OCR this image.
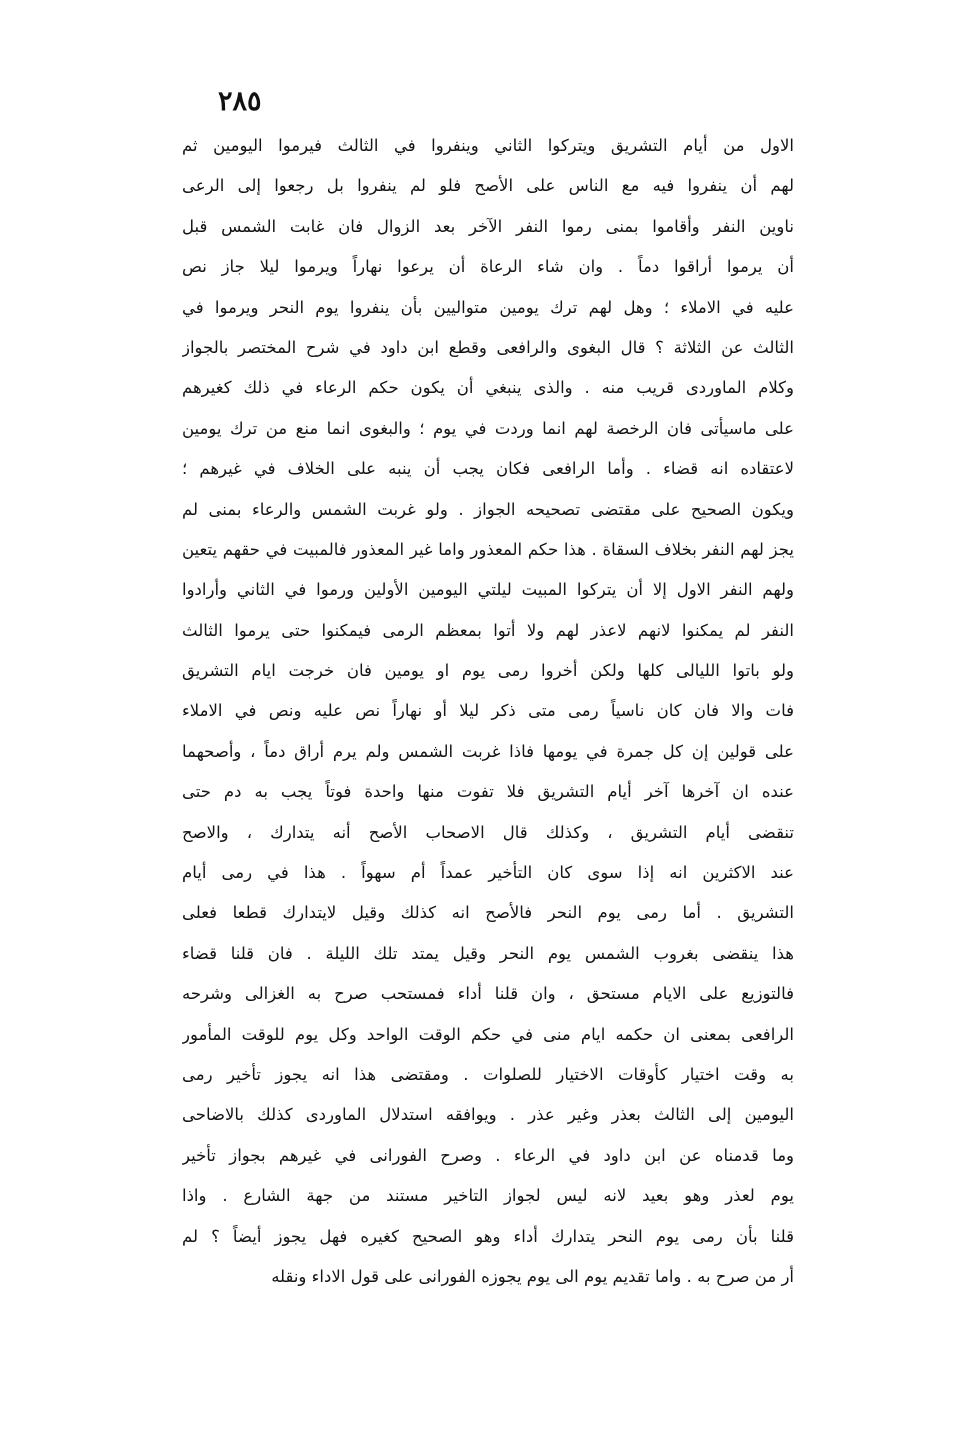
٢٨٥
الاول من أيام التشريق ويتركوا الثاني وينفروا في الثالث فيرموا اليومين ثم
لهم أن ينفروا فيه مع الناس على الأصح فلو لم ينفروا بل رجعوا إلى الرعى
ناوين النفر وأقاموا بمنى رموا النفر الآخر بعد الزوال فان غابت الشمس قبل
أن يرموا أراقوا دماً . وان شاء الرعاة أن يرعوا نهاراً ويرموا ليلا جاز نص
عليه في الاملاء ؛ وهل لهم ترك يومين متواليين بأن ينفروا يوم النحر ويرموا في
الثالث عن الثلاثة ؟ قال البغوى والرافعى وقطع ابن داود في شرح المختصر بالجواز
وكلام الماوردى قريب منه . والذى ينبغي أن يكون حكم الرعاء في ذلك كغيرهم
على ماسيأتى فان الرخصة لهم انما وردت في يوم ؛ والبغوى انما منع من ترك يومين
لاعتقاده انه قضاء . وأما الرافعى فكان يجب أن ينبه على الخلاف في غيرهم ؛
ويكون الصحيح على مقتضى تصحيحه الجواز . ولو غربت الشمس والرعاء بمنى لم
يجز لهم النفر بخلاف السقاة . هذا حكم المعذور واما غير المعذور فالمبيت في حقهم يتعين
ولهم النفر الاول إلا أن يتركوا المبيت ليلتي اليومين الأولين ورموا في الثاني وأرادوا
النفر لم يمكنوا لانهم لاعذر لهم ولا أتوا بمعظم الرمى فيمكنوا حتى يرموا الثالث
ولو باتوا الليالى كلها ولكن أخروا رمى يوم او يومين فان خرجت ايام التشريق
فات والا فان كان ناسياً رمى متى ذكر ليلا أو نهاراً نص عليه ونص في الاملاء
على قولين إن كل جمرة في يومها فاذا غربت الشمس ولم يرم أراق دماً ، وأصحهما
عنده ان آخرها آخر أيام التشريق فلا تفوت منها واحدة فوتاً يجب به دم حتى
تنقضى أيام التشريق ، وكذلك قال الاصحاب الأصح أنه يتدارك ، والاصح
عند الاكثرين انه إذا سوى كان التأخير عمداً أم سهواً . هذا في رمى أيام
التشريق . أما رمى يوم النحر فالأصح انه كذلك وقيل لايتدارك قطعا فعلى
هذا ينقضى بغروب الشمس يوم النحر وقيل يمتد تلك الليلة . فان قلنا قضاء
فالتوزيع على الايام مستحق ، وان قلنا أداء فمستحب صرح به الغزالى وشرحه
الرافعى بمعنى ان حكمه ايام منى في حكم الوقت الواحد وكل يوم للوقت المأمور
به وقت اختيار كأوقات الاختيار للصلوات . ومقتضى هذا انه يجوز تأخير رمى
اليومين إلى الثالث بعذر وغير عذر . ويوافقه استدلال الماوردى كذلك بالاضاحى
وما قدمناه عن ابن داود في الرعاء . وصرح الفورانى في غيرهم بجواز تأخير
يوم لعذر وهو بعيد لانه ليس لجواز التاخير مستند من جهة الشارع . واذا
قلنا بأن رمى يوم النحر يتدارك أداء وهو الصحيح كغيره فهل يجوز أيضاً ؟ لم
أر من صرح به . واما تقديم يوم الى يوم يجوزه الفورانى على قول الاداء ونقله
